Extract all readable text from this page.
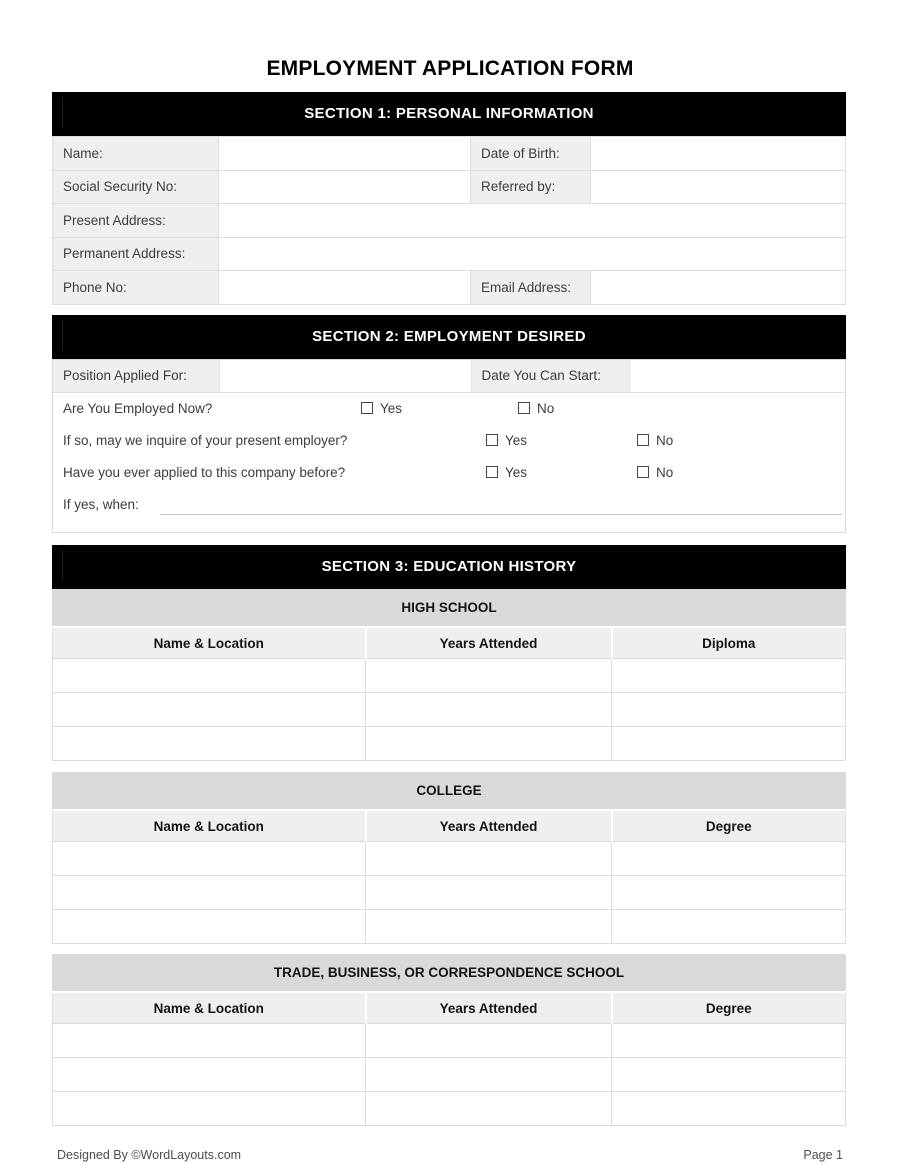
EMPLOYMENT APPLICATION FORM
SECTION 1: PERSONAL INFORMATION
Name:		Date of Birth:	
Social Security No:		Referred by:	
Present Address:			
Permanent Address:			
Phone No:		Email Address:	
SECTION 2: EMPLOYMENT DESIRED
Position Applied For:		Date You Can Start:	
Are You Employed Now?	Yes	No
If so, may we inquire of your present employer?	Yes	No
Have you ever applied to this company before?	Yes	No
If yes, when:
SECTION 3: EDUCATION HISTORY
HIGH SCHOOL
Name & Location	Years Attended	Diploma

COLLEGE
Name & Location	Years Attended	Degree

TRADE, BUSINESS, OR CORRESPONDENCE SCHOOL
Name & Location	Years Attended	Degree

Designed By ©WordLayouts.com	Page 1
